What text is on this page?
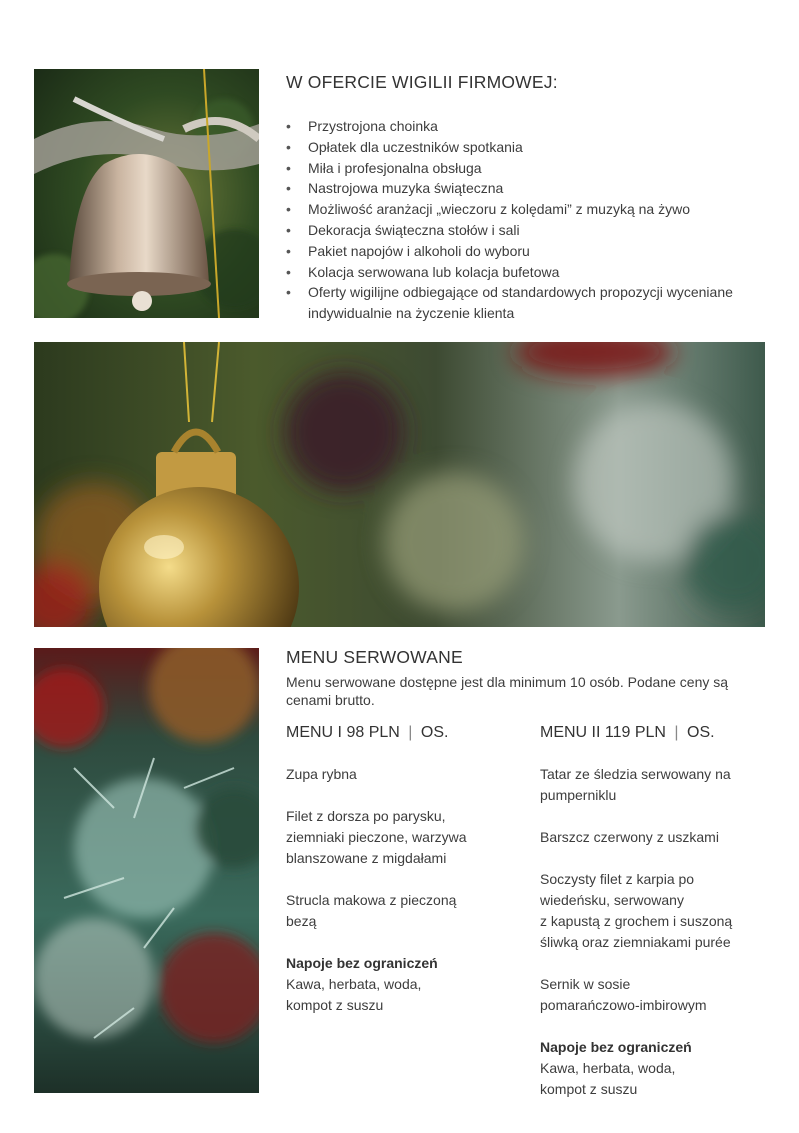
W OFERCIE WIGILII FIRMOWEJ:
• Przystrojona choinka
• Opłatek dla uczestników spotkania
• Miła i profesjonalna obsługa
• Nastrojowa muzyka świąteczna
• Możliwość aranżacji „wieczoru z kolędami” z muzyką na żywo
• Dekoracja świąteczna stołów i sali
• Pakiet napojów i alkoholi do wyboru
• Kolacja serwowana lub kolacja bufetowa
• Oferty wigilijne odbiegające od standardowych propozycji wyceniane indywidualnie na życzenie klienta
MENU SERWOWANE

Menu serwowane dostępne jest dla minimum 10 osób. Podane ceny są cenami brutto.

MENU I 98 PLN | OS.
Zupa rybna
Filet z dorsza po parysku,
ziemniaki pieczone, warzywa
blanszowane z migdałami
Strucla makowa z pieczoną
bezą
Napoje bez ograniczeń
Kawa, herbata, woda,
kompot z suszu
MENU II 119 PLN | OS.
Tatar ze śledzia serwowany na
pumperniklu
Barszcz czerwony z uszkami
Soczysty filet z karpia po
wiedeńsku, serwowany
z kapustą z grochem i suszoną
śliwką oraz ziemniakami purée
Sernik w sosie
pomarańczowo-imbirowym
Napoje bez ograniczeń
Kawa, herbata, woda,
kompot z suszu
